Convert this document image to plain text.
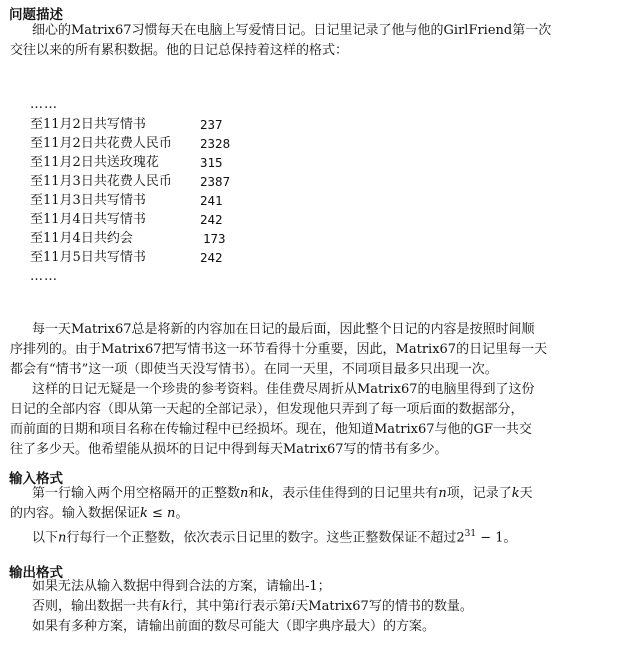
问题描述
细心的Matrix67习惯每天在电脑上写爱情日记。日记里记录了他与他的GirlFriend第一次
交往以来的所有累积数据。他的日记总保持着这样的格式：
……
至11月2日共写情书	237
至11月2日共花费人民币 2328
至11月2日共送玫瑰花	315
至11月3日共花费人民币 2387
至11月3日共写情书	241
至11月4日共写情书	242
至11月4日共约会	173
至11月5日共写情书	242
……
每一天Matrix67总是将新的内容加在日记的最后面，因此整个日记的内容是按照时间顺
序排列的。由于Matrix67把写情书这一环节看得十分重要，因此，Matrix67的日记里每一天
都会有“情书”这一项（即使当天没写情书）。在同一天里，不同项目最多只出现一次。
这样的日记无疑是一个珍贵的参考资料。佳佳费尽周折从Matrix67的电脑里得到了这份
日记的全部内容（即从第一天起的全部记录），但发现他只弄到了每一项后面的数据部分，
而前面的日期和项目名称在传输过程中已经损坏。现在，他知道Matrix67与他的GF一共交
往了多少天。他希望能从损坏的日记中得到每天Matrix67写的情书有多少。
输入格式
第一行输入两个用空格隔开的正整数n和k，表示佳佳得到的日记里共有n项，记录了k天
的内容。输入数据保证k ≤ n。
以下n行每行一个正整数，依次表示日记里的数字。这些正整数保证不超过$2^{31} - 1$。
输出格式
如果无法从输入数据中得到合法的方案，请输出-1；
否则，输出数据一共有k行，其中第i行表示第i天Matrix67写的情书的数量。
如果有多种方案，请输出前面的数尽可能大（即字典序最大）的方案。
